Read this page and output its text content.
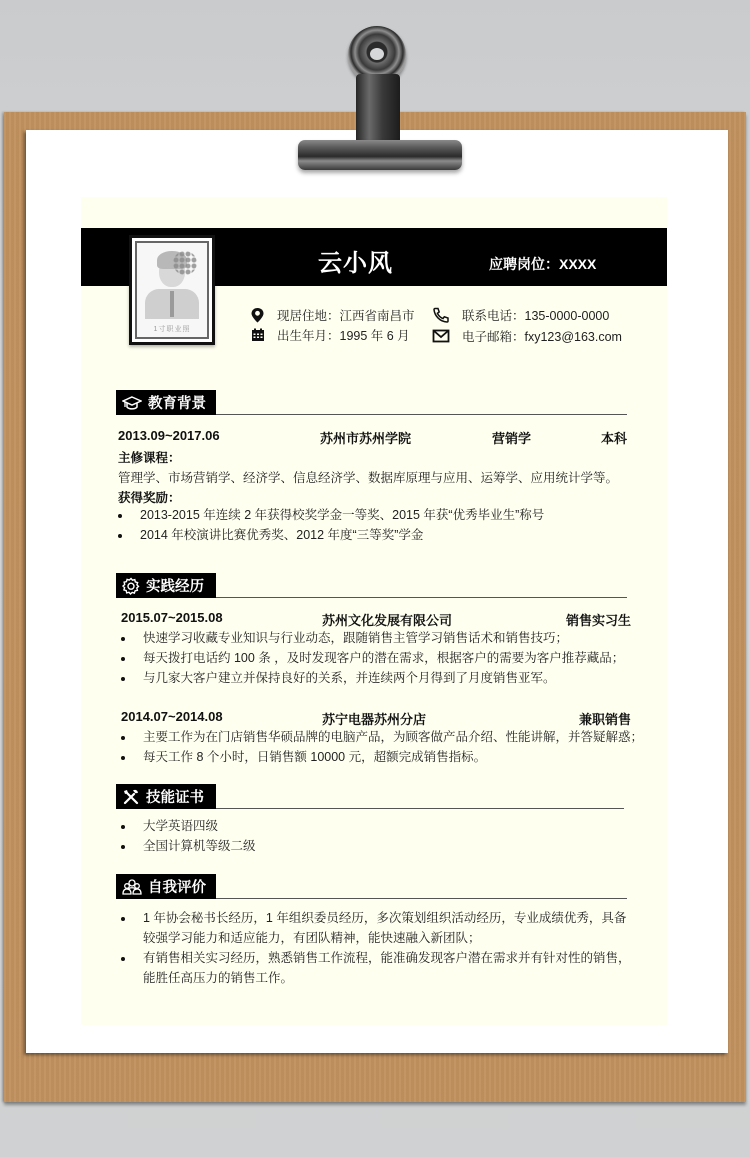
云小风	应聘岗位：XXXX
1寸职业照
现居住地：江西省南昌市
出生年月：1995 年 6 月
联系电话：135-0000-0000
电子邮箱：fxy123@163.com
教育背景
2013.09~2017.06	苏州市苏州学院	营销学	本科
主修课程：
管理学、市场营销学、经济学、信息经济学、数据库原理与应用、运筹学、应用统计学等。
获得奖励：
2013-2015 年连续 2 年获得校奖学金一等奖、2015 年获“优秀毕业生”称号
2014 年校演讲比赛优秀奖、2012 年度“三等奖”学金
实践经历
2015.07~2015.08	苏州文化发展有限公司	销售实习生
快速学习收藏专业知识与行业动态，跟随销售主管学习销售话术和销售技巧；
每天拨打电话约 100 条 ，及时发现客户的潜在需求，根据客户的需要为客户推荐藏品；
与几家大客户建立并保持良好的关系，并连续两个月得到了月度销售亚军。
2014.07~2014.08	苏宁电器苏州分店	兼职销售
主要工作为在门店销售华硕品牌的电脑产品，为顾客做产品介绍、性能讲解，并答疑解惑；
每天工作 8 个小时，日销售额 10000 元，超额完成销售指标。
技能证书
大学英语四级
全国计算机等级二级
自我评价
1 年协会秘书长经历，1 年组织委员经历，多次策划组织活动经历，专业成绩优秀，具备较强学习能力和适应能力，有团队精神，能快速融入新团队；
有销售相关实习经历，熟悉销售工作流程，能准确发现客户潜在需求并有针对性的销售，能胜任高压力的销售工作。
